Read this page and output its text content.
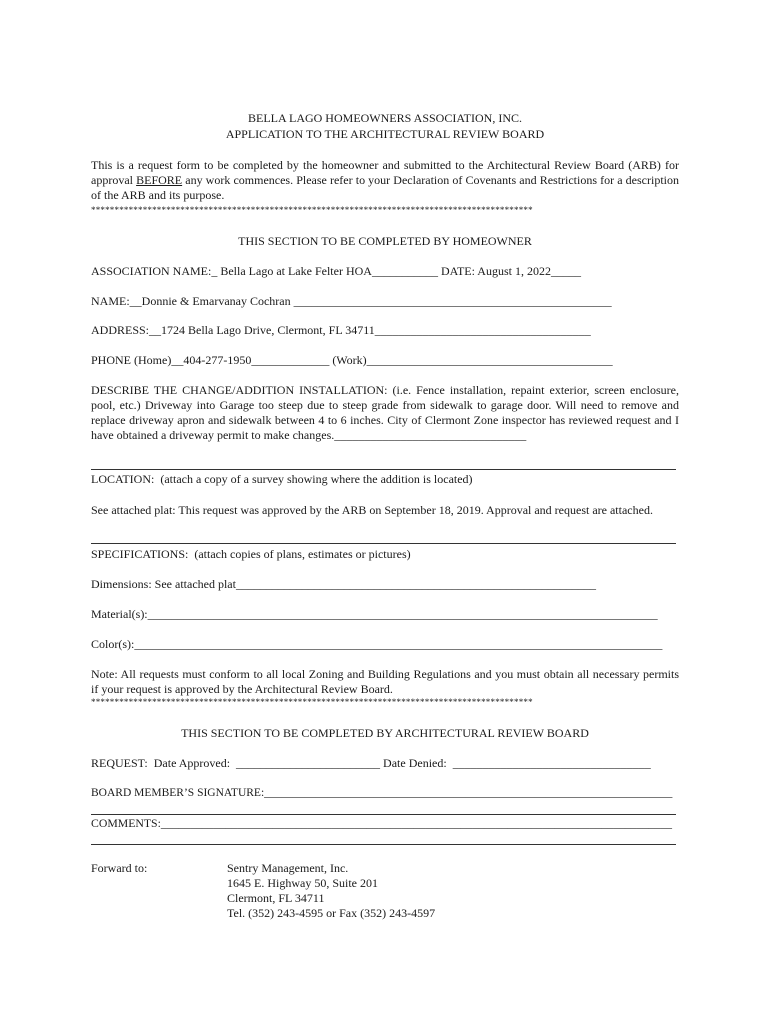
BELLA LAGO HOMEOWNERS ASSOCIATION, INC.
APPLICATION TO THE ARCHITECTURAL REVIEW BOARD
This is a request form to be completed by the homeowner and submitted to the Architectural Review Board (ARB) for approval BEFORE any work commences. Please refer to your Declaration of Covenants and Restrictions for a description of the ARB and its purpose.
**********************************************************************************************
THIS SECTION TO BE COMPLETED BY HOMEOWNER
ASSOCIATION NAME:_ Bella Lago at Lake Felter HOA___________ DATE: August 1, 2022_____
NAME:__Donnie & Emarvanay Cochran _____________________________________________________
ADDRESS:__1724 Bella Lago Drive, Clermont, FL 34711____________________________________
PHONE (Home)__404-277-1950_____________ (Work)_________________________________________
DESCRIBE THE CHANGE/ADDITION INSTALLATION: (i.e. Fence installation, repaint exterior, screen enclosure, pool, etc.) Driveway into Garage too steep due to steep grade from sidewalk to garage door. Will need to remove and replace driveway apron and sidewalk between 4 to 6 inches. City of Clermont Zone inspector has reviewed request and I have obtained a driveway permit to make changes.________________________________
LOCATION:  (attach a copy of a survey showing where the addition is located)
See attached plat: This request was approved by the ARB on September 18, 2019. Approval and request are attached.
SPECIFICATIONS:  (attach copies of plans, estimates or pictures)
Dimensions: See attached plat____________________________________________________________
Material(s):_____________________________________________________________________________________
Color(s):________________________________________________________________________________________
Note: All requests must conform to all local Zoning and Building Regulations and you must obtain all necessary permits if your request is approved by the Architectural Review Board.
**********************************************************************************************
THIS SECTION TO BE COMPLETED BY ARCHITECTURAL REVIEW BOARD
REQUEST:  Date Approved:  ________________________ Date Denied:  _________________________________
BOARD MEMBER’S SIGNATURE:_______________________________________________________________________
COMMENTS:_______________________________________________________________________________________
Forward to:	Sentry Management, Inc.
1645 E. Highway 50, Suite 201
Clermont, FL 34711
Tel. (352) 243-4595 or Fax (352) 243-4597
